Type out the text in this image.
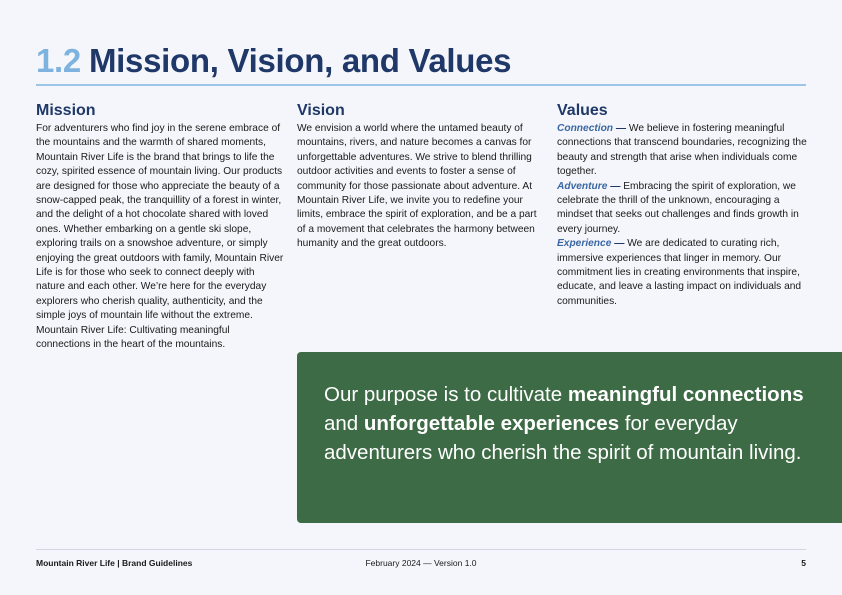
1.2 Mission, Vision, and Values
Mission

For adventurers who find joy in the serene embrace of the mountains and the warmth of shared moments, Mountain River Life is the brand that brings to life the cozy, spirited essence of mountain living. Our products are designed for those who appreciate the beauty of a snow-capped peak, the tranquillity of a forest in winter, and the delight of a hot chocolate shared with loved ones. Whether embarking on a gentle ski slope, exploring trails on a snowshoe adventure, or simply enjoying the great outdoors with family, Mountain River Life is for those who seek to connect deeply with nature and each other. We’re here for the everyday explorers who cherish quality, authenticity, and the simple joys of mountain life without the extreme. Mountain River Life: Cultivating meaningful connections in the heart of the mountains.

Vision

We envision a world where the untamed beauty of mountains, rivers, and nature becomes a canvas for unforgettable adventures. We strive to blend thrilling outdoor activities and events to foster a sense of community for those passionate about adventure. At Mountain River Life, we invite you to redefine your limits, embrace the spirit of exploration, and be a part of a movement that celebrates the harmony between humanity and the great outdoors.

Values

Connection — We believe in fostering meaningful connections that transcend boundaries, recognizing the beauty and strength that arise when individuals come together.

Adventure — Embracing the spirit of exploration, we celebrate the thrill of the unknown, encouraging a mindset that seeks out challenges and finds growth in every journey.

Experience — We are dedicated to curating rich, immersive experiences that linger in memory. Our commitment lies in creating environments that inspire, educate, and leave a lasting impact on individuals and communities.

Our purpose is to cultivate meaningful connections and unforgettable experiences for everyday adventurers who cherish the spirit of mountain living.

Mountain River Life | Brand Guidelines	February 2024 — Version 1.0	5
